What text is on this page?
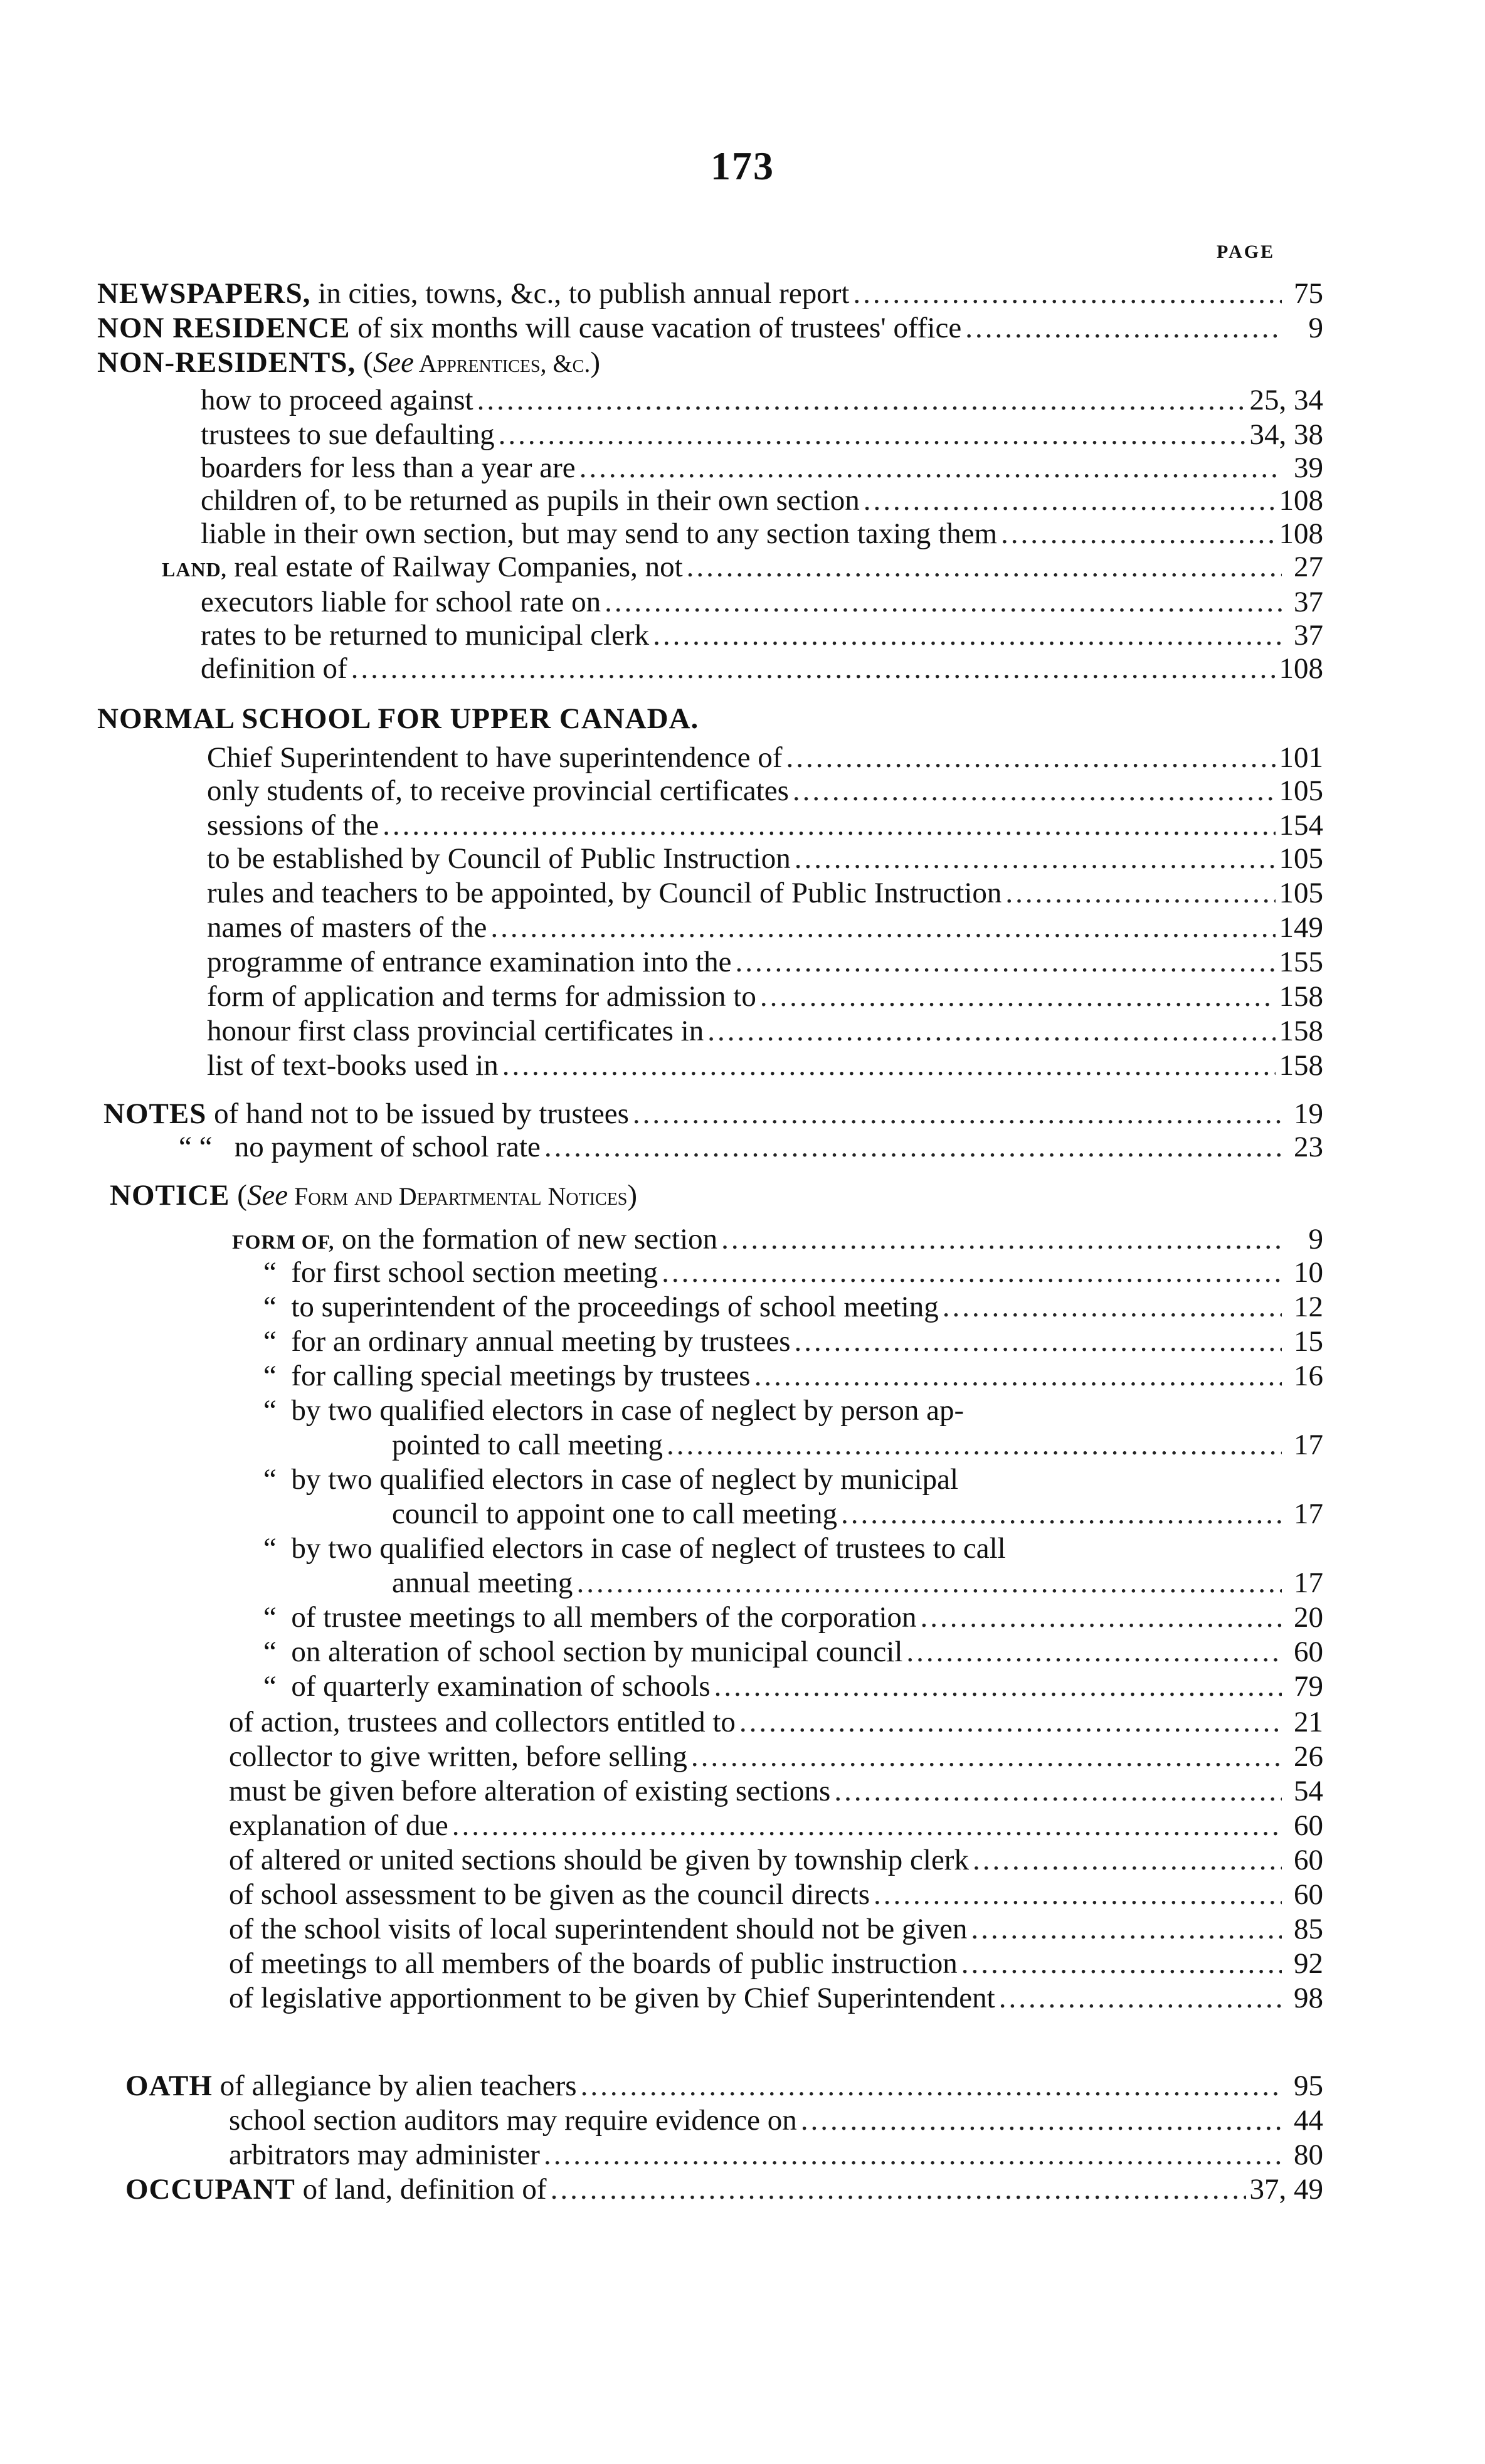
173
PAGE
NEWSPAPERS, in cities, towns, &c., to publish annual report .....	75
NON RESIDENCE of six months will cause vacation of trustees' office .....	9
NON-RESIDENTS, (See Apprentices, &c.)
how to proceed against .....	25, 34
trustees to sue defaulting .....	34, 38
boarders for less than a year are .....	39
children of, to be returned as pupils in their own section .....	108
liable in their own section, but may send to any section taxing them .....	108
LAND, real estate of Railway Companies, not .....	27
executors liable for school rate on .....	37
rates to be returned to municipal clerk .....	37
definition of .....	108
NORMAL SCHOOL FOR UPPER CANADA.
Chief Superintendent to have superintendence of .....	101
only students of, to receive provincial certificates .....	105
sessions of the .....	154
to be established by Council of Public Instruction .....	105
rules and teachers to be appointed, by Council of Public Instruction .....	105
names of masters of the .....	149
programme of entrance examination into the .....	155
form of application and terms for admission to .....	158
honour first class provincial certificates in .....	158
list of text-books used in .....	158
NOTES of hand not to be issued by trustees .....	19
“ “   no payment of school rate .....	23
NOTICE (See Form and Departmental Notices)
FORM OF, on the formation of new section .....	9
“ for first school section meeting .....	10
“ to superintendent of the proceedings of school meeting .....	12
“ for an ordinary annual meeting by trustees .....	15
“ for calling special meetings by trustees .....	16
“ by two qualified electors in case of neglect by person ap-
pointed to call meeting .....	17
“ by two qualified electors in case of neglect by municipal
council to appoint one to call meeting .....	17
“ by two qualified electors in case of neglect of trustees to call
annual meeting .....	17
“ of trustee meetings to all members of the corporation .....	20
“ on alteration of school section by municipal council .....	60
“ of quarterly examination of schools .....	79
of action, trustees and collectors entitled to .....	21
collector to give written, before selling .....	26
must be given before alteration of existing sections .....	54
explanation of due .....	60
of altered or united sections should be given by township clerk .....	60
of school assessment to be given as the council directs .....	60
of the school visits of local superintendent should not be given .....	85
of meetings to all members of the boards of public instruction .....	92
of legislative apportionment to be given by Chief Superintendent .....	98
OATH of allegiance by alien teachers .....	95
school section auditors may require evidence on .....	44
arbitrators may administer .....	80
OCCUPANT of land, definition of .....	37, 49
